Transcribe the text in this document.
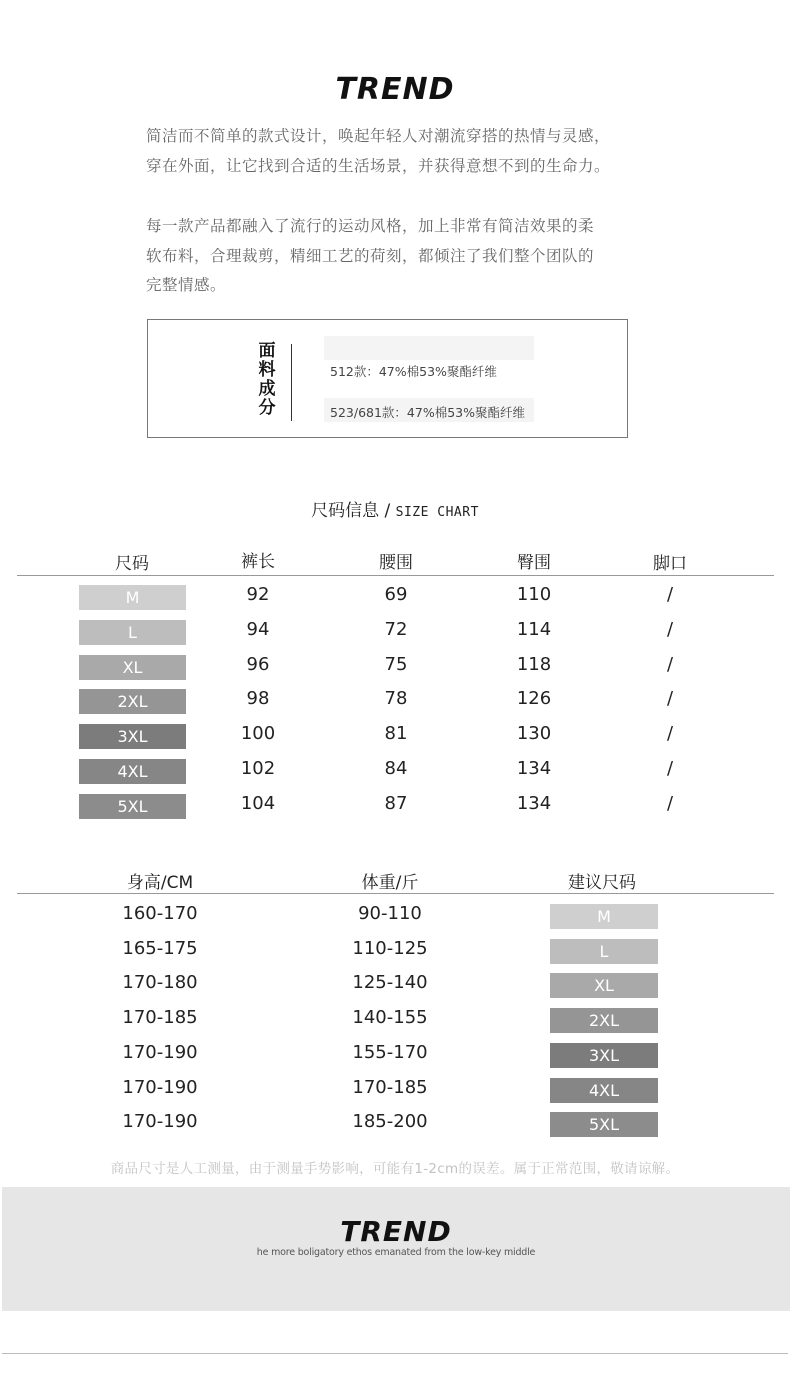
TREND

简洁而不简单的款式设计，唤起年轻人对潮流穿搭的热情与灵感，

穿在外面，让它找到合适的生活场景，并获得意想不到的生命力。

每一款产品都融入了流行的运动风格，加上非常有简洁效果的柔

软布料，合理裁剪，精细工艺的荷刻，都倾注了我们整个团队的

完整情感。

面料成分
512款：47%棉53%聚酯纤维
523/681款：47%棉53%聚酯纤维
尺码信息 / SIZE CHART
尺码	裤长	腰围	臀围	脚口
M	92	69	110	/
L	94	72	114	/
XL	96	75	118	/
2XL	98	78	126	/
3XL	100	81	130	/
4XL	102	84	134	/
5XL	104	87	134	/
身高/CM	体重/斤	建议尺码
160-170	90-110	M
165-175	110-125	L
170-180	125-140	XL
170-185	140-155	2XL
170-190	155-170	3XL
170-190	170-185	4XL
170-190	185-200	5XL
商品尺寸是人工测量，由于测量手势影响，可能有1-2cm的误差。属于正常范围，敬请谅解。
TREND
he more boligatory ethos emanated from the low-key middle
